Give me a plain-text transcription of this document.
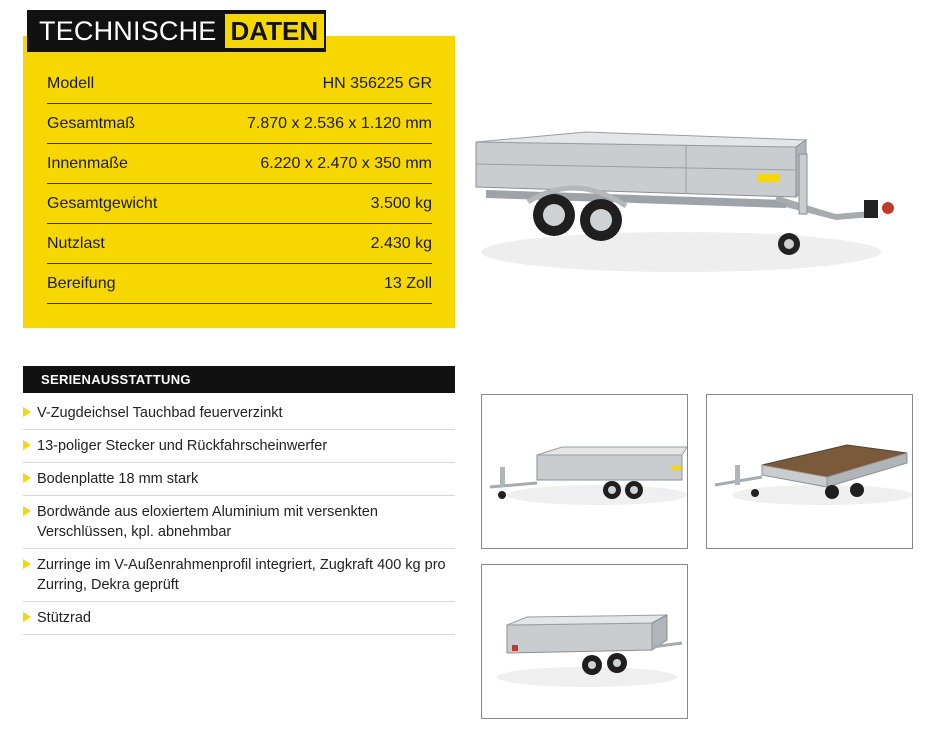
TECHNISCHE DATEN
Modell	HN 356225 GR
Gesamtmaß	7.870 x 2.536 x 1.120 mm
Innenmaße	6.220 x 2.470 x 350 mm
Gesamtgewicht	3.500 kg
Nutzlast	2.430 kg
Bereifung	13 Zoll
SERIENAUSSTATTUNG
V-Zugdeichsel Tauchbad feuerverzinkt
13-poliger Stecker und Rückfahrscheinwerfer
Bodenplatte 18 mm stark
Bordwände aus eloxiertem Aluminium mit versenkten Verschlüssen, kpl. abnehmbar
Zurringe im V-Außenrahmenprofil integriert, Zugkraft 400 kg pro Zurring, Dekra geprüft
Stützrad
